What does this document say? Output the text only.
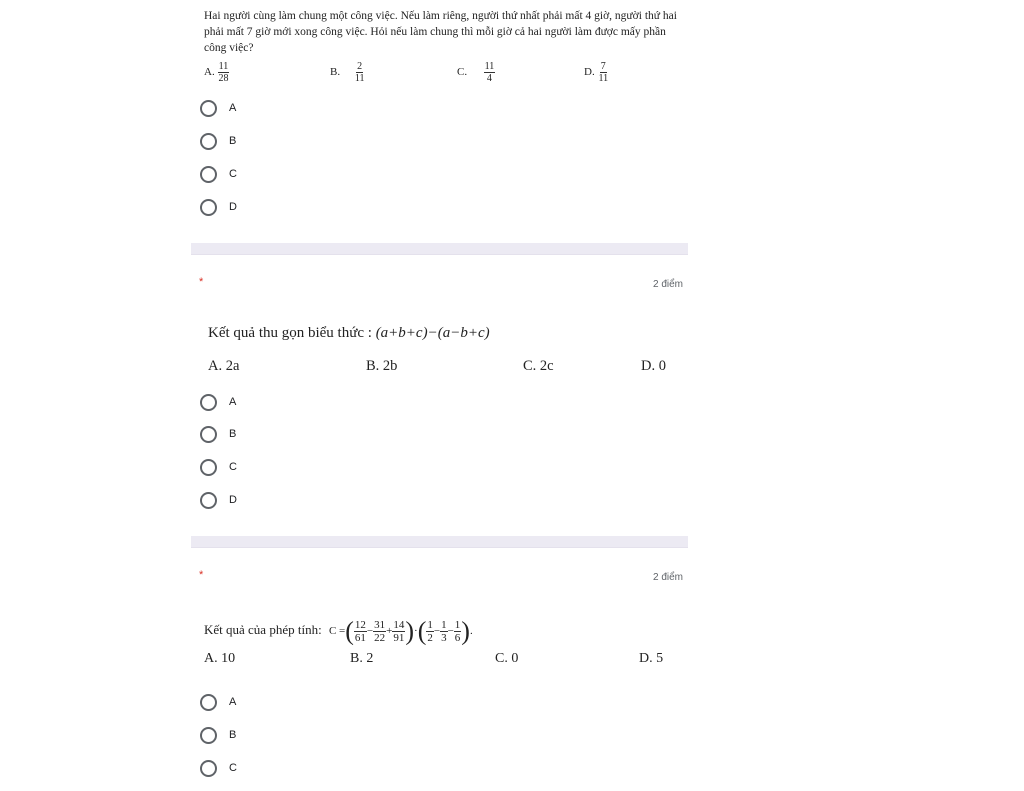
Hai người cùng làm chung một công việc. Nếu làm riêng, người thứ nhất phải mất 4 giờ, người thứ hai phải mất 7 giờ mới xong công việc. Hỏi nếu làm chung thì mỗi giờ cả hai người làm được mấy phần công việc?
A. $\frac{11}{28}$	B. $\frac{2}{11}$	C. $\frac{11}{4}$	D. $\frac{7}{11}$
A
B
C
D
*	2 điểm
Kết quả thu gọn biểu thức : (a+b+c)−(a−b+c)
A. 2a	B. 2b	C. 2c	D. 0
A
B
C
D
*	2 điểm
Kết quả của phép tính: C =( $\frac{12}{61} - \frac{31}{22} + \frac{14}{91}$ )·( $\frac{1}{2} - \frac{1}{3} - \frac{1}{6}$ ).
A. 10	B. 2	C. 0	D. 5
A
B
C
